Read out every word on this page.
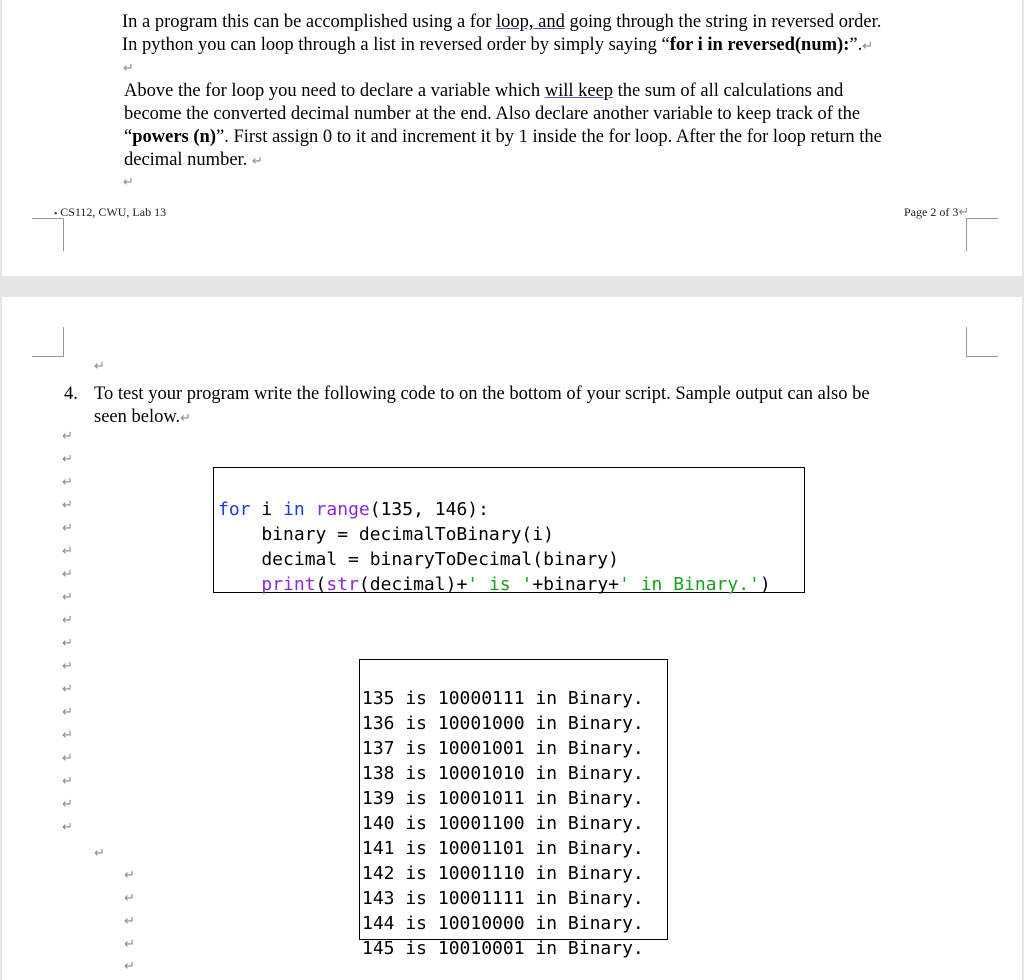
In a program this can be accomplished using a for loop, and going through the string in reversed order.
In python you can loop through a list in reversed order by simply saying “for i in reversed(num):”.↵

↵

Above the for loop you need to declare a variable which will keep the sum of all calculations and
become the converted decimal number at the end. Also declare another variable to keep track of the
“powers (n)”. First assign 0 to it and increment it by 1 inside the for loop. After the for loop return the
decimal number. ↵

↵
▪ CS112, CWU, Lab 13	Page 2 of 3↵
↵
4. To test your program write the following code to on the bottom of your script. Sample output can also be
seen below.↵

↵
↵
↵
↵
↵
↵
↵
↵
↵
↵
↵
↵
↵
↵
↵
↵
↵
↵
↵
↵
↵
↵
↵
↵

for i in range(135, 146):
binary = decimalToBinary(i)
decimal = binaryToDecimal(binary)
print(str(decimal)+' is '+binary+' in Binary.')

135 is 10000111 in Binary.
136 is 10001000 in Binary.
137 is 10001001 in Binary.
138 is 10001010 in Binary.
139 is 10001011 in Binary.
140 is 10001100 in Binary.
141 is 10001101 in Binary.
142 is 10001110 in Binary.
143 is 10001111 in Binary.
144 is 10010000 in Binary.
145 is 10010001 in Binary.
